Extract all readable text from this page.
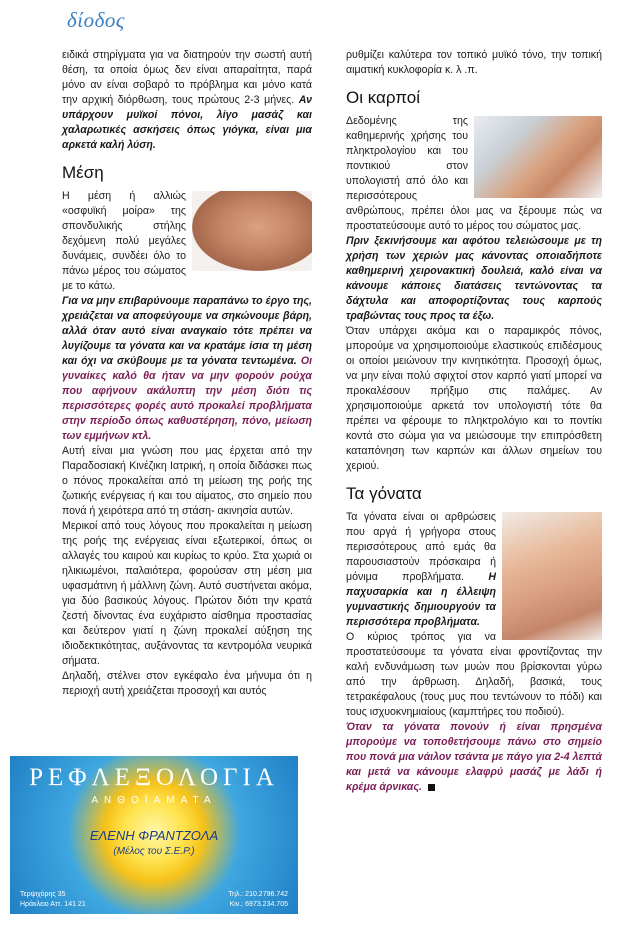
δίοδος

ειδικά στηρίγματα για να διατηρούν την σωστή αυτή θέση, τα οποία όμως δεν είναι απαραίτητα, παρά μόνο αν είναι σοβαρό το πρόβλημα και μόνο κατά την αρχική διόρθωση, τους πρώτους 2-3 μήνες. Αν υπάρχουν μυϊκοί πόνοι, λίγο μασάζ και χαλαρωτικές ασκήσεις όπως γιόγκα, είναι μια αρκετά καλή λύση.

Μέση

Η μέση ή αλλιώς «οσφυϊκή μοίρα» της σπονδυλικής στήλης δεχόμενη πολύ μεγάλες δυνάμεις, συνδέει όλο το πάνω μέρος του σώματος με το κάτω.

Για να μην επιβαρύνουμε παραπάνω το έργο της, χρειάζεται να αποφεύγουμε να σηκώνουμε βάρη, αλλά όταν αυτό είναι αναγκαίο τότε πρέπει να λυγίζουμε τα γόνατα και να κρατάμε ίσια τη μέση και όχι να σκύβουμε με τα γόνατα τεντωμένα. Οι γυναίκες καλό θα ήταν να μην φορούν ρούχα που αφήνουν ακάλυπτη την μέση διότι τις περισσότερες φορές αυτό προκαλεί προβλήματα στην περίοδο όπως καθυστέρηση, πόνο, μείωση των εμμήνων κτλ.

Αυτή είναι μια γνώση που μας έρχεται από την Παραδοσιακή Κινέζικη Ιατρική, η οποία διδάσκει πως ο πόνος προκαλείται από τη μείωση της ροής της ζωτικής ενέργειας ή και του αίματος, στο σημείο που πονά ή χειρότερα από τη στάση- ακινησία αυτών.

Μερικοί από τους λόγους που προκαλείται η μείωση της ροής της ενέργειας είναι εξωτερικοί, όπως οι αλλαγές του καιρού και κυρίως το κρύο. Στα χωριά οι ηλικιωμένοι, παλαιότερα, φορούσαν στη μέση μια υφασμάτινη ή μάλλινη ζώνη. Αυτό συστήνεται ακόμα, για δύο βασικούς λόγους. Πρώτον διότι την κρατά ζεστή δίνοντας ένα ευχάριστο αίσθημα προστασίας και δεύτερον γιατί η ζώνη προκαλεί αύξηση της ιδιοδεκτικότητας, αυξάνοντας τα κεντρομόλα νευρικά σήματα.

Δηλαδή, στέλνει στον εγκέφαλο ένα μήνυμα ότι η περιοχή αυτή χρειάζεται προσοχή και αυτός

ρυθμίζει καλύτερα τον τοπικό μυϊκό τόνο, την τοπική αιματική κυκλοφορία κ. λ .π.

Οι καρποί

Δεδομένης της καθημερινής χρήσης του πληκτρολογίου και του ποντικιού στον υπολογιστή από όλο και περισσότερους ανθρώπους, πρέπει όλοι μας να ξέρουμε πώς να προστατεύσουμε αυτό το μέρος του σώματος μας.

Πριν ξεκινήσουμε και αφότου τελειώσουμε με τη χρήση των χεριών μας κάνοντας οποιαδήποτε καθημερινή χειρονακτική δουλειά, καλό είναι να κάνουμε κάποιες διατάσεις τεντώνοντας τα δάχτυλα και αποφορτίζοντας τους καρπούς τραβώντας τους προς τα έξω.

Όταν υπάρχει ακόμα και ο παραμικρός πόνος, μπορούμε να χρησιμοποιούμε ελαστικούς επιδέσμους οι οποίοι μειώνουν την κινητικότητα. Προσοχή όμως, να μην είναι πολύ σφιχτοί στον καρπό γιατί μπορεί να προκαλέσουν πρήξιμο στις παλάμες. Αν χρησιμοποιούμε αρκετά τον υπολογιστή τότε θα πρέπει να φέρουμε το πληκτρολόγιο και το ποντίκι κοντά στο σώμα για να μειώσουμε την επιπρόσθετη καταπόνηση των καρπών και άλλων σημείων του χεριού.

Τα γόνατα

Τα γόνατα είναι οι αρθρώσεις που αργά ή γρήγορα στους περισσότερους από εμάς θα παρουσιαστούν πρόσκαιρα ή μόνιμα προβλήματα. Η παχυσαρκία και η έλλειψη γυμναστικής δημιουργούν τα περισσότερα προβλήματα.

Ο κύριος τρόπος για να προστατεύσουμε τα γόνατα είναι φροντίζοντας την καλή ενδυνάμωση των μυών που βρίσκονται γύρω από την άρθρωση. Δηλαδή, βασικά, τους τετρακέφαλους (τους μυς που τεντώνουν το πόδι) και τους ισχυοκνημιαίους (καμπτήρες του ποδιού).

Όταν τα γόνατα πονούν ή είναι πρησμένα μπορούμε να τοποθετήσουμε πάνω στο σημείο που πονά μια νάιλον τσάντα με πάγο για 2-4 λεπτά και μετά να κάνουμε ελαφρύ μασάζ με λάδι ή κρέμα άρνικας.

ΡΕΦΛΕΞΟΛΟΓΙΑ
ΑΝΘΟΪΑΜΑΤΑ
ΕΛΕΝΗ ΦΡΑΝΤΖΟΛΑ
(Μέλος του Σ.Ε.Ρ.)
Τερψιχόρης 35
Ηράκλειο Αττ. 141 21
Τηλ.: 210.2796.742
Κιν.: 6973.234.705
